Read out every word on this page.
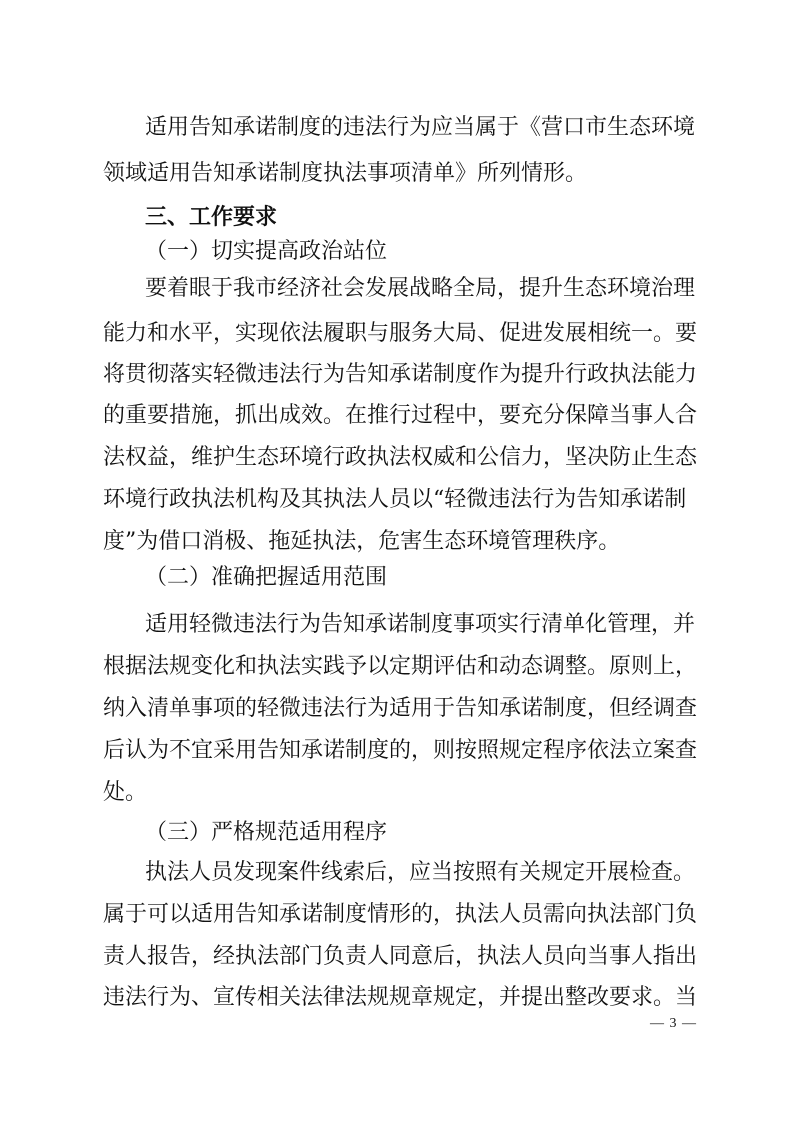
适用告知承诺制度的违法行为应当属于《营口市生态环境
领域适用告知承诺制度执法事项清单》所列情形。
三、工作要求
（一）切实提高政治站位
要着眼于我市经济社会发展战略全局，提升生态环境治理
能力和水平，实现依法履职与服务大局、促进发展相统一。要
将贯彻落实轻微违法行为告知承诺制度作为提升行政执法能力
的重要措施，抓出成效。在推行过程中，要充分保障当事人合
法权益，维护生态环境行政执法权威和公信力，坚决防止生态
环境行政执法机构及其执法人员以“轻微违法行为告知承诺制
度”为借口消极、拖延执法，危害生态环境管理秩序。
（二）准确把握适用范围
适用轻微违法行为告知承诺制度事项实行清单化管理，并
根据法规变化和执法实践予以定期评估和动态调整。原则上，
纳入清单事项的轻微违法行为适用于告知承诺制度，但经调查
后认为不宜采用告知承诺制度的，则按照规定程序依法立案查
处。
（三）严格规范适用程序
执法人员发现案件线索后，应当按照有关规定开展检查。
属于可以适用告知承诺制度情形的，执法人员需向执法部门负
责人报告，经执法部门负责人同意后，执法人员向当事人指出
违法行为、宣传相关法律法规规章规定，并提出整改要求。当
— 3 —
